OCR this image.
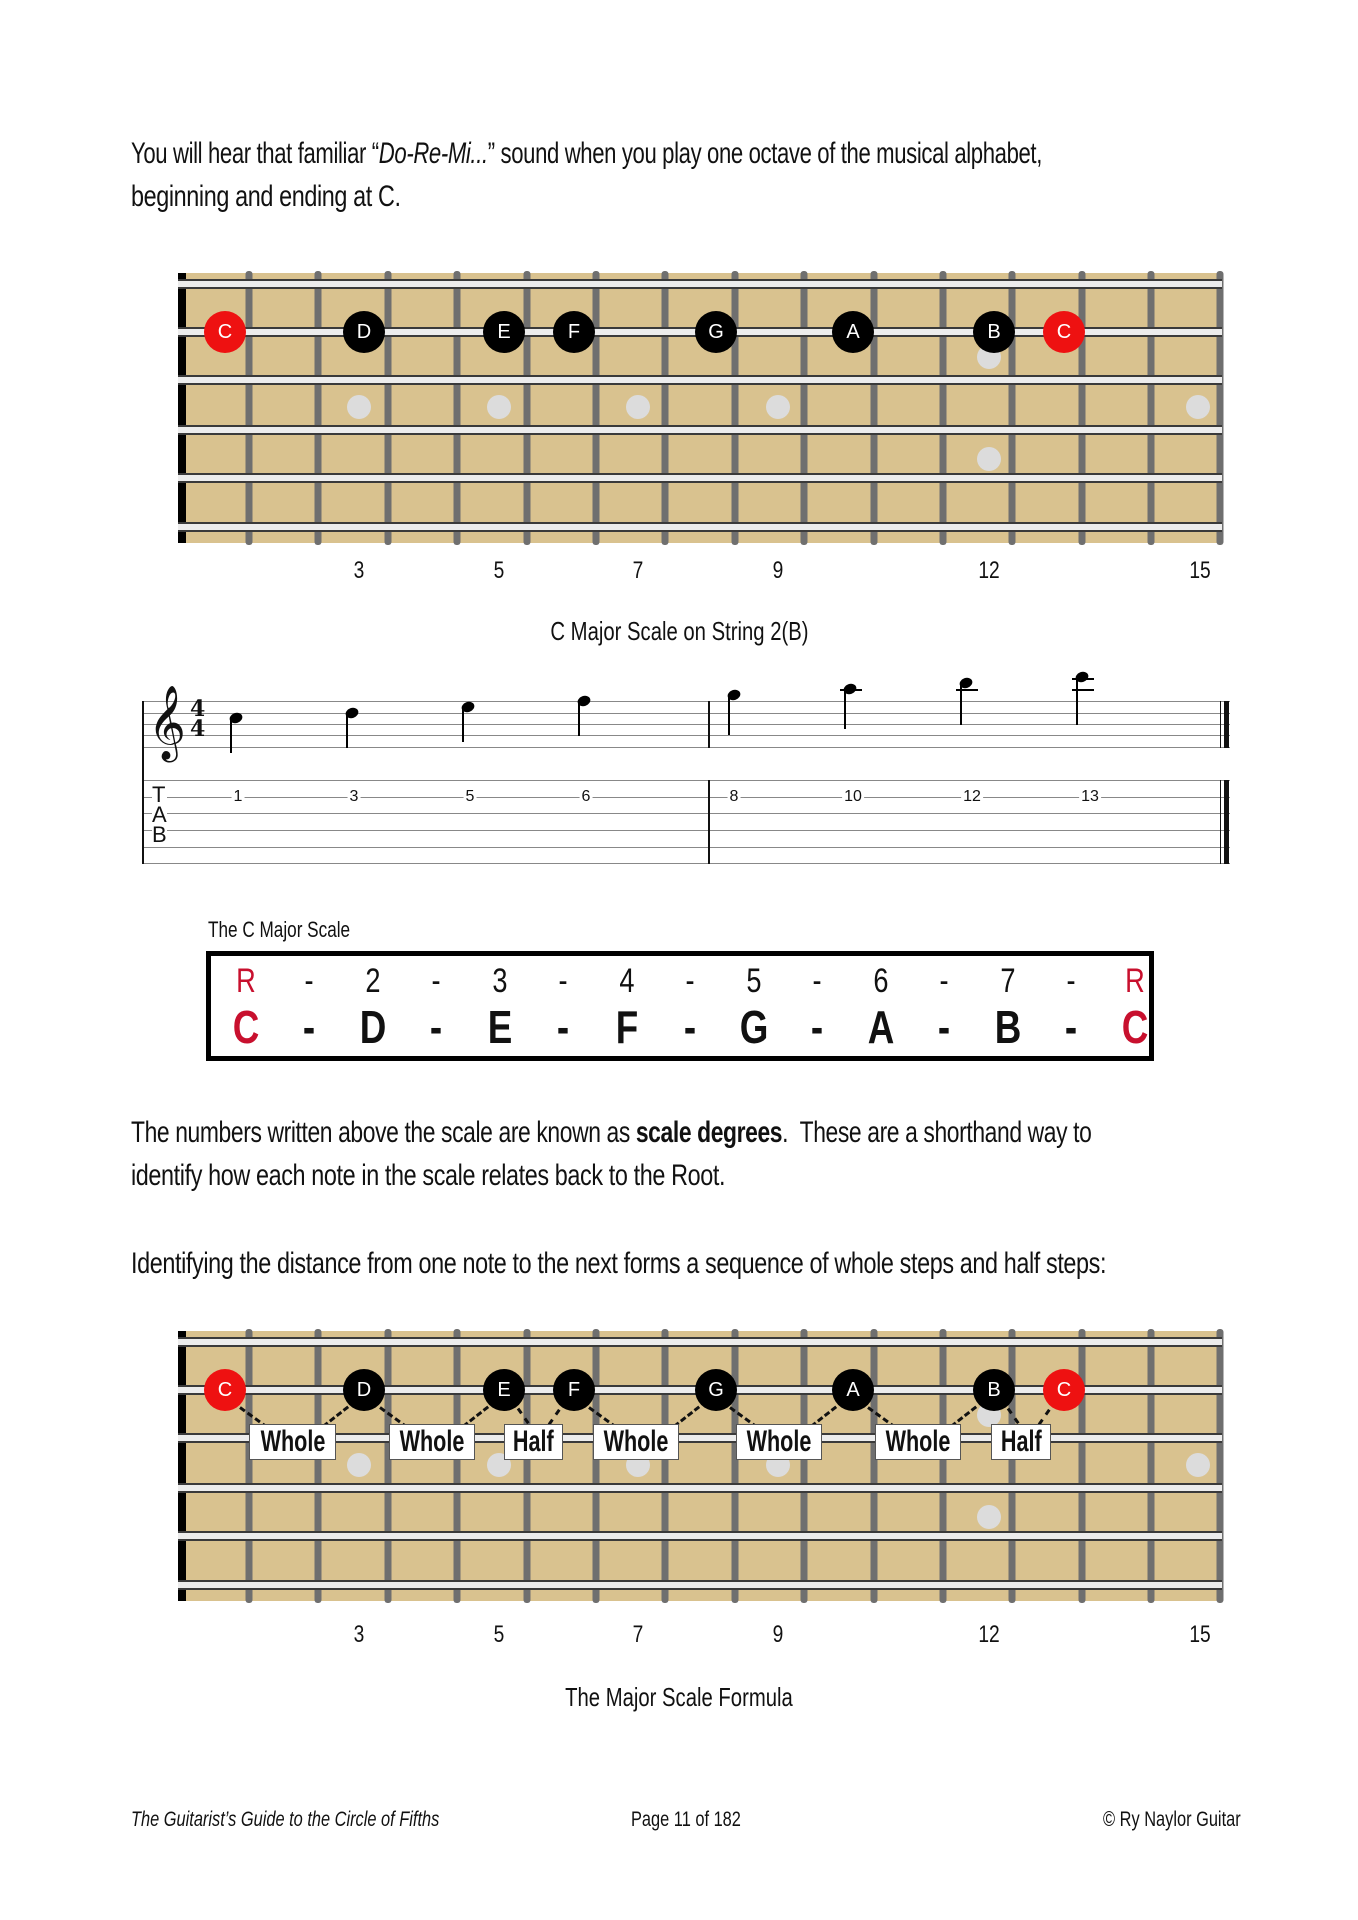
You will hear that familiar “Do-Re-Mi...” sound when you play one octave of the musical alphabet,
beginning and ending at C.
C	D	E	F	G	A	B	C
3	5	7	9	12	15
C Major Scale on String 2(B)
𝄞 4
4
T
A
B
1	3	5	6	8	10	12	13
The C Major Scale
R - 2 - 3 - 4 - 5 - 6 - 7 - R
C - D - E - F - G - A - B - C
The numbers written above the scale are known as scale degrees.  These are a shorthand way to
identify how each note in the scale relates back to the Root.
Identifying the distance from one note to the next forms a sequence of whole steps and half steps:
C	D	E	F	G	A	B	C
Whole Whole Half Whole	Whole Whole Half
3	5	7	9	12	15
The Major Scale Formula
The Guitarist’s Guide to the Circle of Fifths	Page 11 of 182	© Ry Naylor Guitar
